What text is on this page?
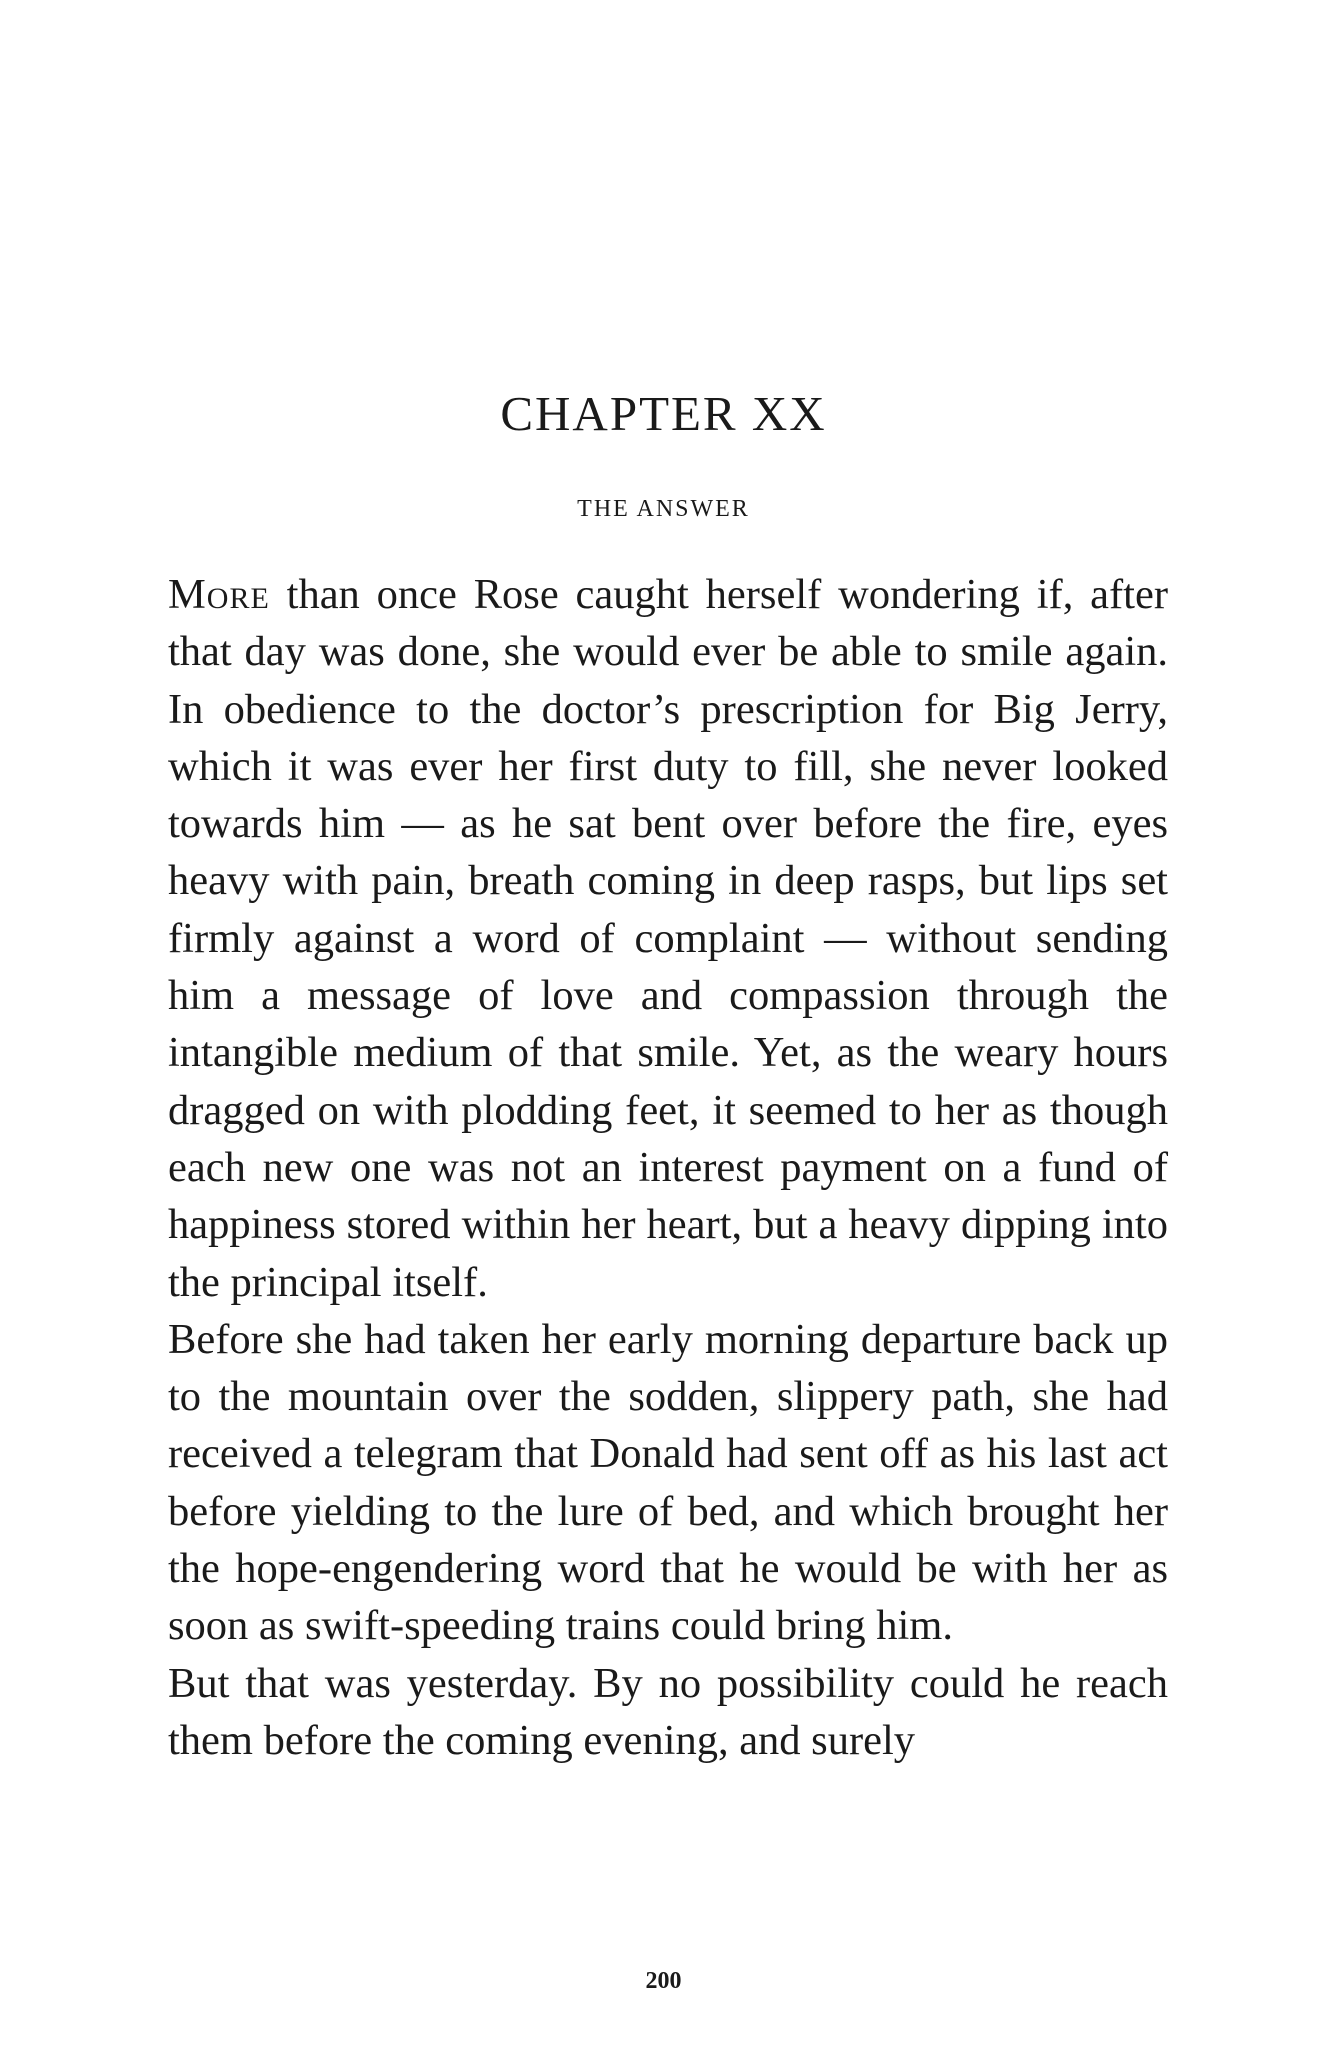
CHAPTER XX
THE ANSWER

More than once Rose caught herself wondering if, after that day was done, she would ever be able to smile again. In obedience to the doctor’s prescription for Big Jerry, which it was ever her first duty to fill, she never looked towards him — as he sat bent over before the fire, eyes heavy with pain, breath coming in deep rasps, but lips set firmly against a word of complaint — without sending him a message of love and compassion through the intangible medium of that smile. Yet, as the weary hours dragged on with plodding feet, it seemed to her as though each new one was not an interest payment on a fund of happiness stored within her heart, but a heavy dipping into the principal itself.

Before she had taken her early morning departure back up to the mountain over the sodden, slippery path, she had received a telegram that Donald had sent off as his last act before yielding to the lure of bed, and which brought her the hope-engendering word that he would be with her as soon as swift-speeding trains could bring him.

But that was yesterday. By no possibility could he reach them before the coming evening, and surely

200
